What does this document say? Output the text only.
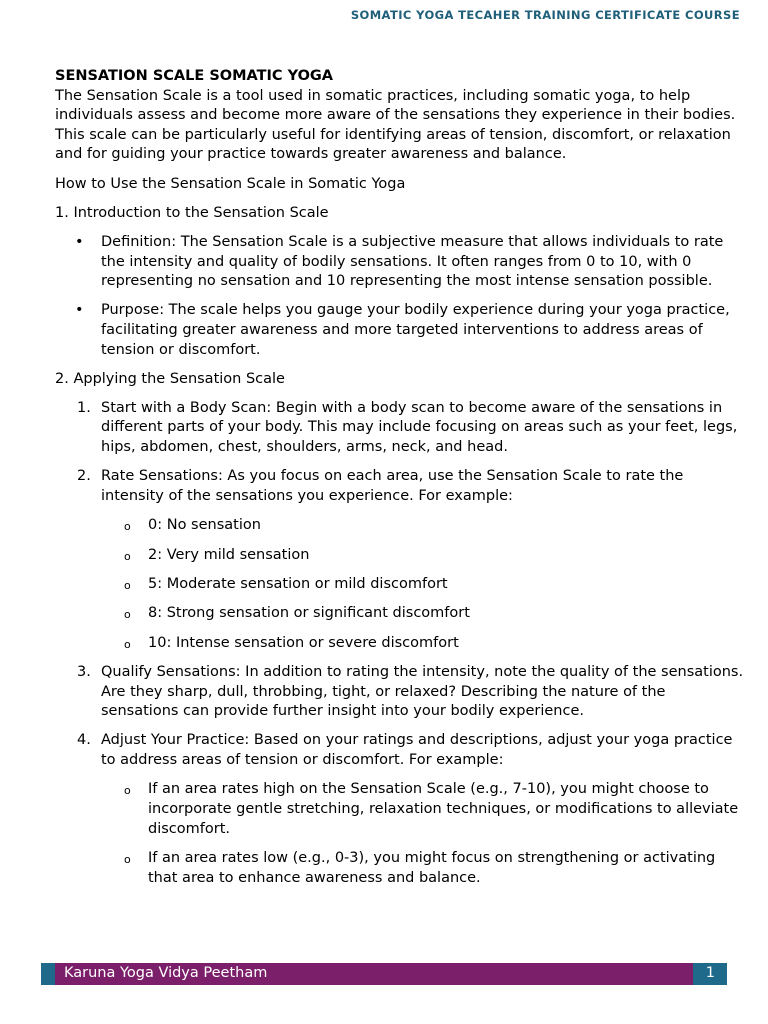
SOMATIC YOGA TECAHER TRAINING CERTIFICATE COURSE

SENSATION SCALE SOMATIC YOGA

The Sensation Scale is a tool used in somatic practices, including somatic yoga, to help individuals assess and become more aware of the sensations they experience in their bodies. This scale can be particularly useful for identifying areas of tension, discomfort, or relaxation and for guiding your practice towards greater awareness and balance.

How to Use the Sensation Scale in Somatic Yoga

1. Introduction to the Sensation Scale

• Definition: The Sensation Scale is a subjective measure that allows individuals to rate the intensity and quality of bodily sensations. It often ranges from 0 to 10, with 0 representing no sensation and 10 representing the most intense sensation possible.
• Purpose: The scale helps you gauge your bodily experience during your yoga practice, facilitating greater awareness and more targeted interventions to address areas of tension or discomfort.

2. Applying the Sensation Scale

1. Start with a Body Scan: Begin with a body scan to become aware of the sensations in different parts of your body. This may include focusing on areas such as your feet, legs, hips, abdomen, chest, shoulders, arms, neck, and head.
2. Rate Sensations: As you focus on each area, use the Sensation Scale to rate the intensity of the sensations you experience. For example:
o 0: No sensation
o 2: Very mild sensation
o 5: Moderate sensation or mild discomfort
o 8: Strong sensation or significant discomfort
o 10: Intense sensation or severe discomfort
3. Qualify Sensations: In addition to rating the intensity, note the quality of the sensations. Are they sharp, dull, throbbing, tight, or relaxed? Describing the nature of the sensations can provide further insight into your bodily experience.
4. Adjust Your Practice: Based on your ratings and descriptions, adjust your yoga practice to address areas of tension or discomfort. For example:
o If an area rates high on the Sensation Scale (e.g., 7-10), you might choose to incorporate gentle stretching, relaxation techniques, or modifications to alleviate discomfort.
o If an area rates low (e.g., 0-3), you might focus on strengthening or activating that area to enhance awareness and balance.
Karuna Yoga Vidya Peetham	1
